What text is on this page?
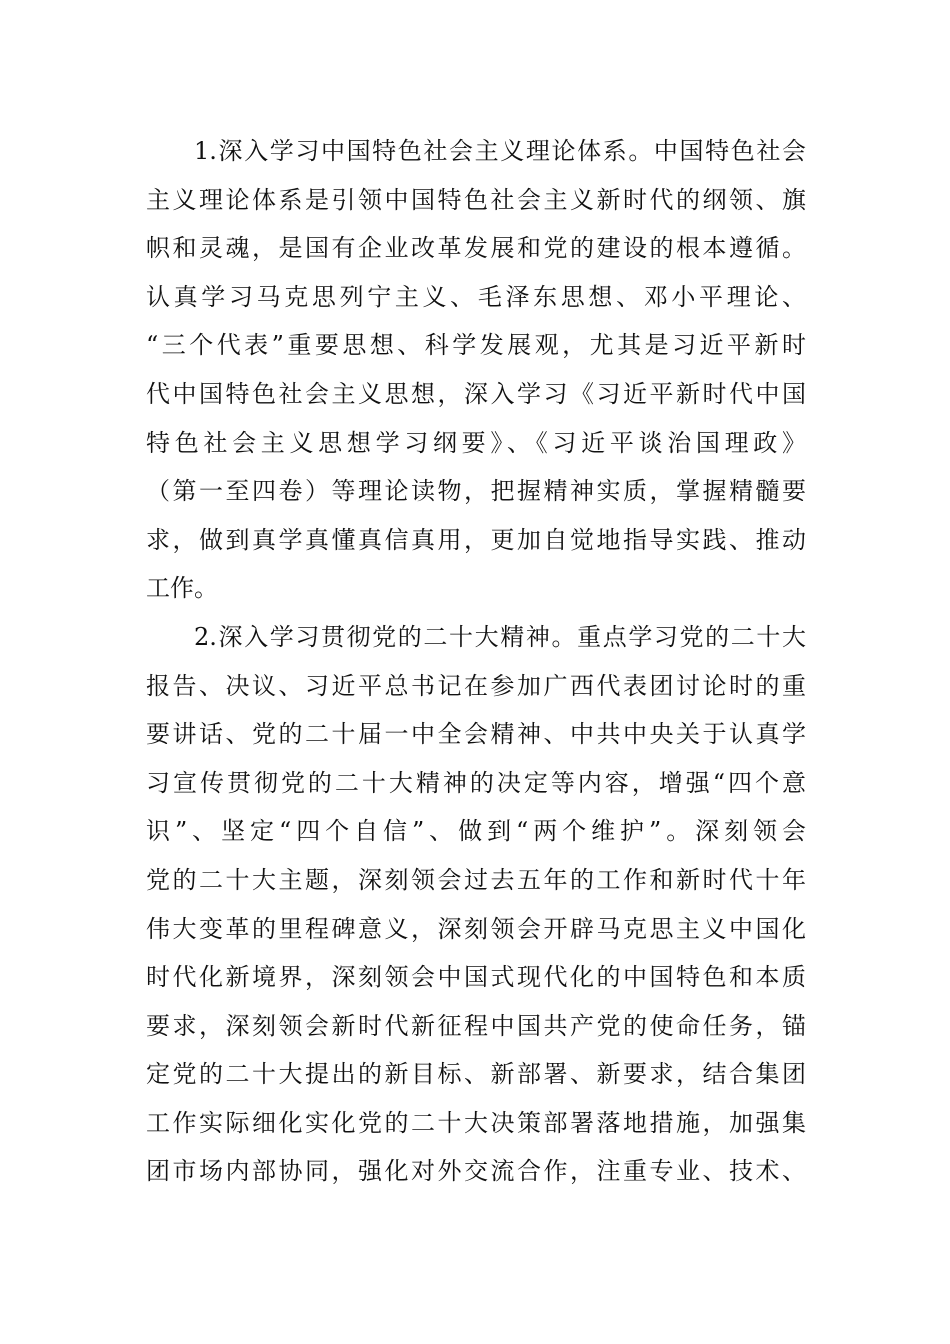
1.深入学习中国特色社会主义理论体系。中国特色社会
主义理论体系是引领中国特色社会主义新时代的纲领、旗
帜和灵魂，是国有企业改革发展和党的建设的根本遵循。
认真学习马克思列宁主义、毛泽东思想、邓小平理论、
“三个代表”重要思想、科学发展观，尤其是习近平新时
代中国特色社会主义思想，深入学习《习近平新时代中国
特色社会主义思想学习纲要》、《习近平谈治国理政》
（第一至四卷）等理论读物，把握精神实质，掌握精髓要
求，做到真学真懂真信真用，更加自觉地指导实践、推动
工作。
2.深入学习贯彻党的二十大精神。重点学习党的二十大
报告、决议、习近平总书记在参加广西代表团讨论时的重
要讲话、党的二十届一中全会精神、中共中央关于认真学
习宣传贯彻党的二十大精神的决定等内容，增强“四个意
识”、坚定“四个自信”、做到“两个维护”。深刻领会
党的二十大主题，深刻领会过去五年的工作和新时代十年
伟大变革的里程碑意义，深刻领会开辟马克思主义中国化
时代化新境界，深刻领会中国式现代化的中国特色和本质
要求，深刻领会新时代新征程中国共产党的使命任务，锚
定党的二十大提出的新目标、新部署、新要求，结合集团
工作实际细化实化党的二十大决策部署落地措施，加强集
团市场内部协同，强化对外交流合作，注重专业、技术、
